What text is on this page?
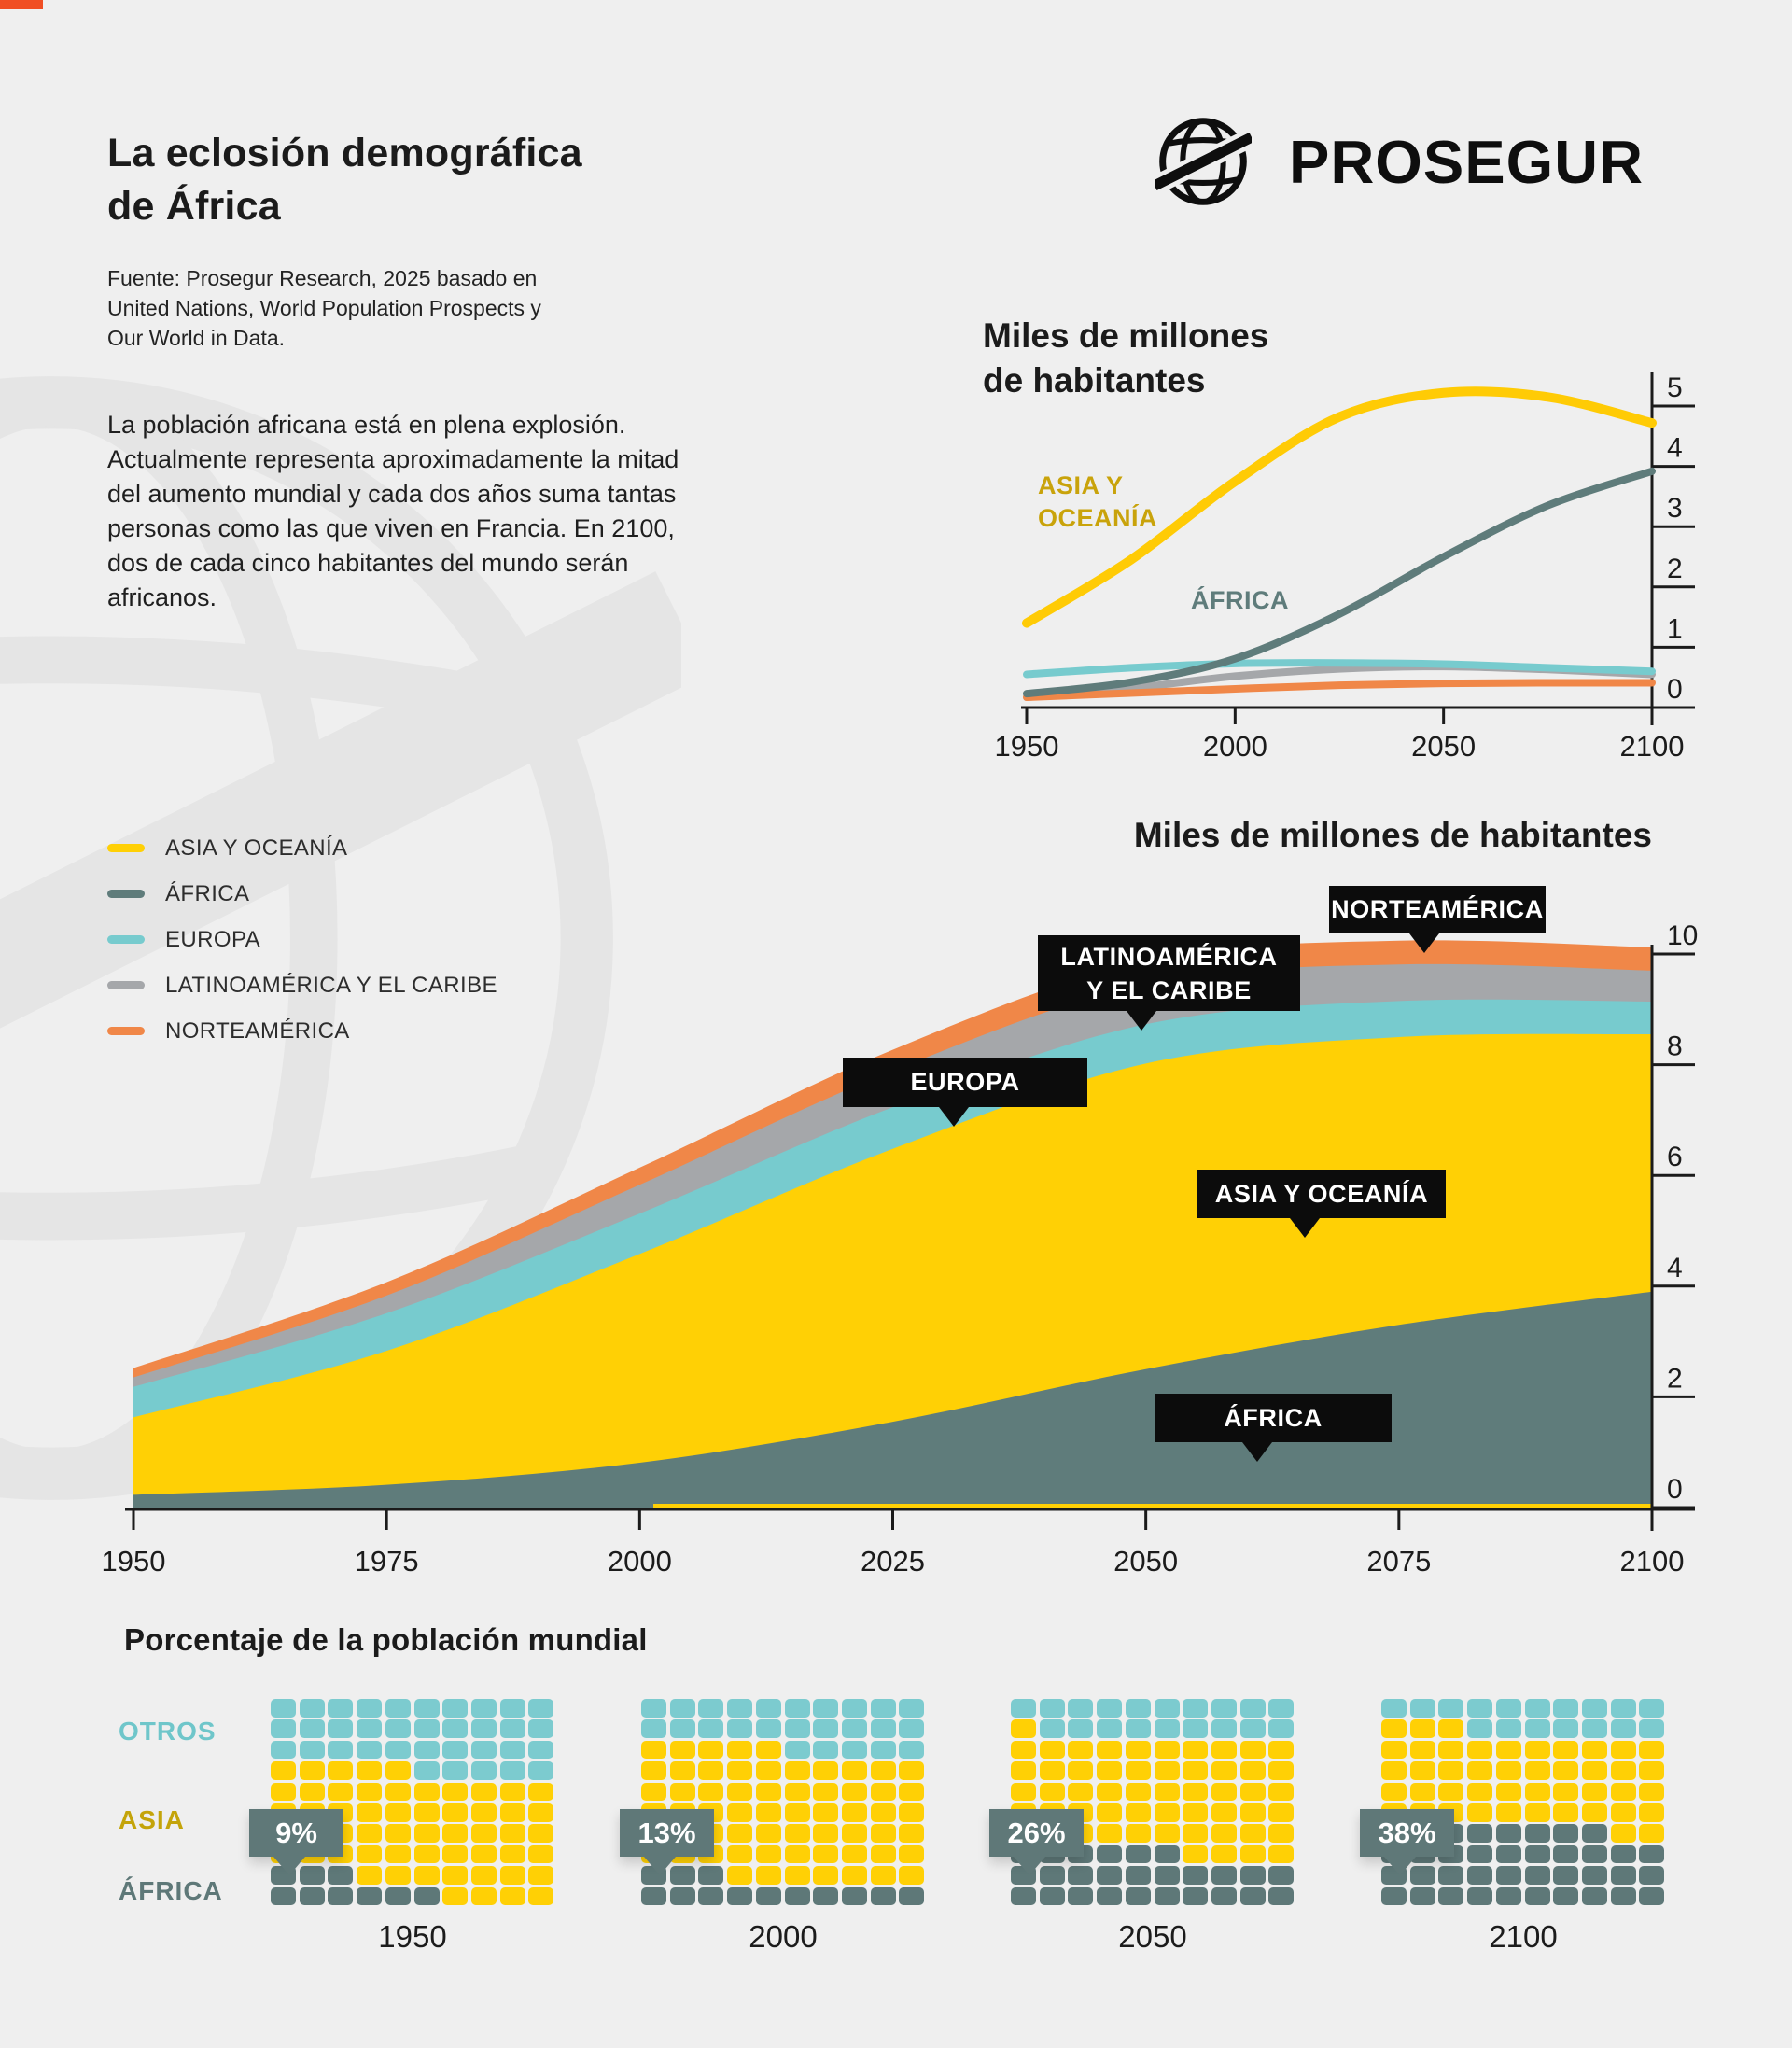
La eclosión demográfica
de África
Fuente: Prosegur Research, 2025 basado en United Nations, World Population Prospects y Our World in Data.
La población africana está en plena explosión. Actualmente representa aproximadamente la mitad del aumento mundial y cada dos años suma tantas personas como las que viven en Francia. En 2100, dos de cada cinco habitantes del mundo serán africanos.
PROSEGUR
Miles de millones
de habitantes
0
1
2
3
4
5
1950	2000	2050	2100
ASIA Y
OCEANÍA
ÁFRICA
ASIA Y OCEANÍA
ÁFRICA
EUROPA
LATINOAMÉRICA Y EL CARIBE
NORTEAMÉRICA
Miles de millones de habitantes
0
2
4
6
8
10
1950	1975	2000	2025	2050	2075	2100
NORTEAMÉRICA
LATINOAMÉRICA
Y EL CARIBE
EUROPA
ASIA Y OCEANÍA
ÁFRICA
Porcentaje de la población mundial
OTROS
ASIA
ÁFRICA
1950
9%
2000
13%
2050
26%
2100
38%
